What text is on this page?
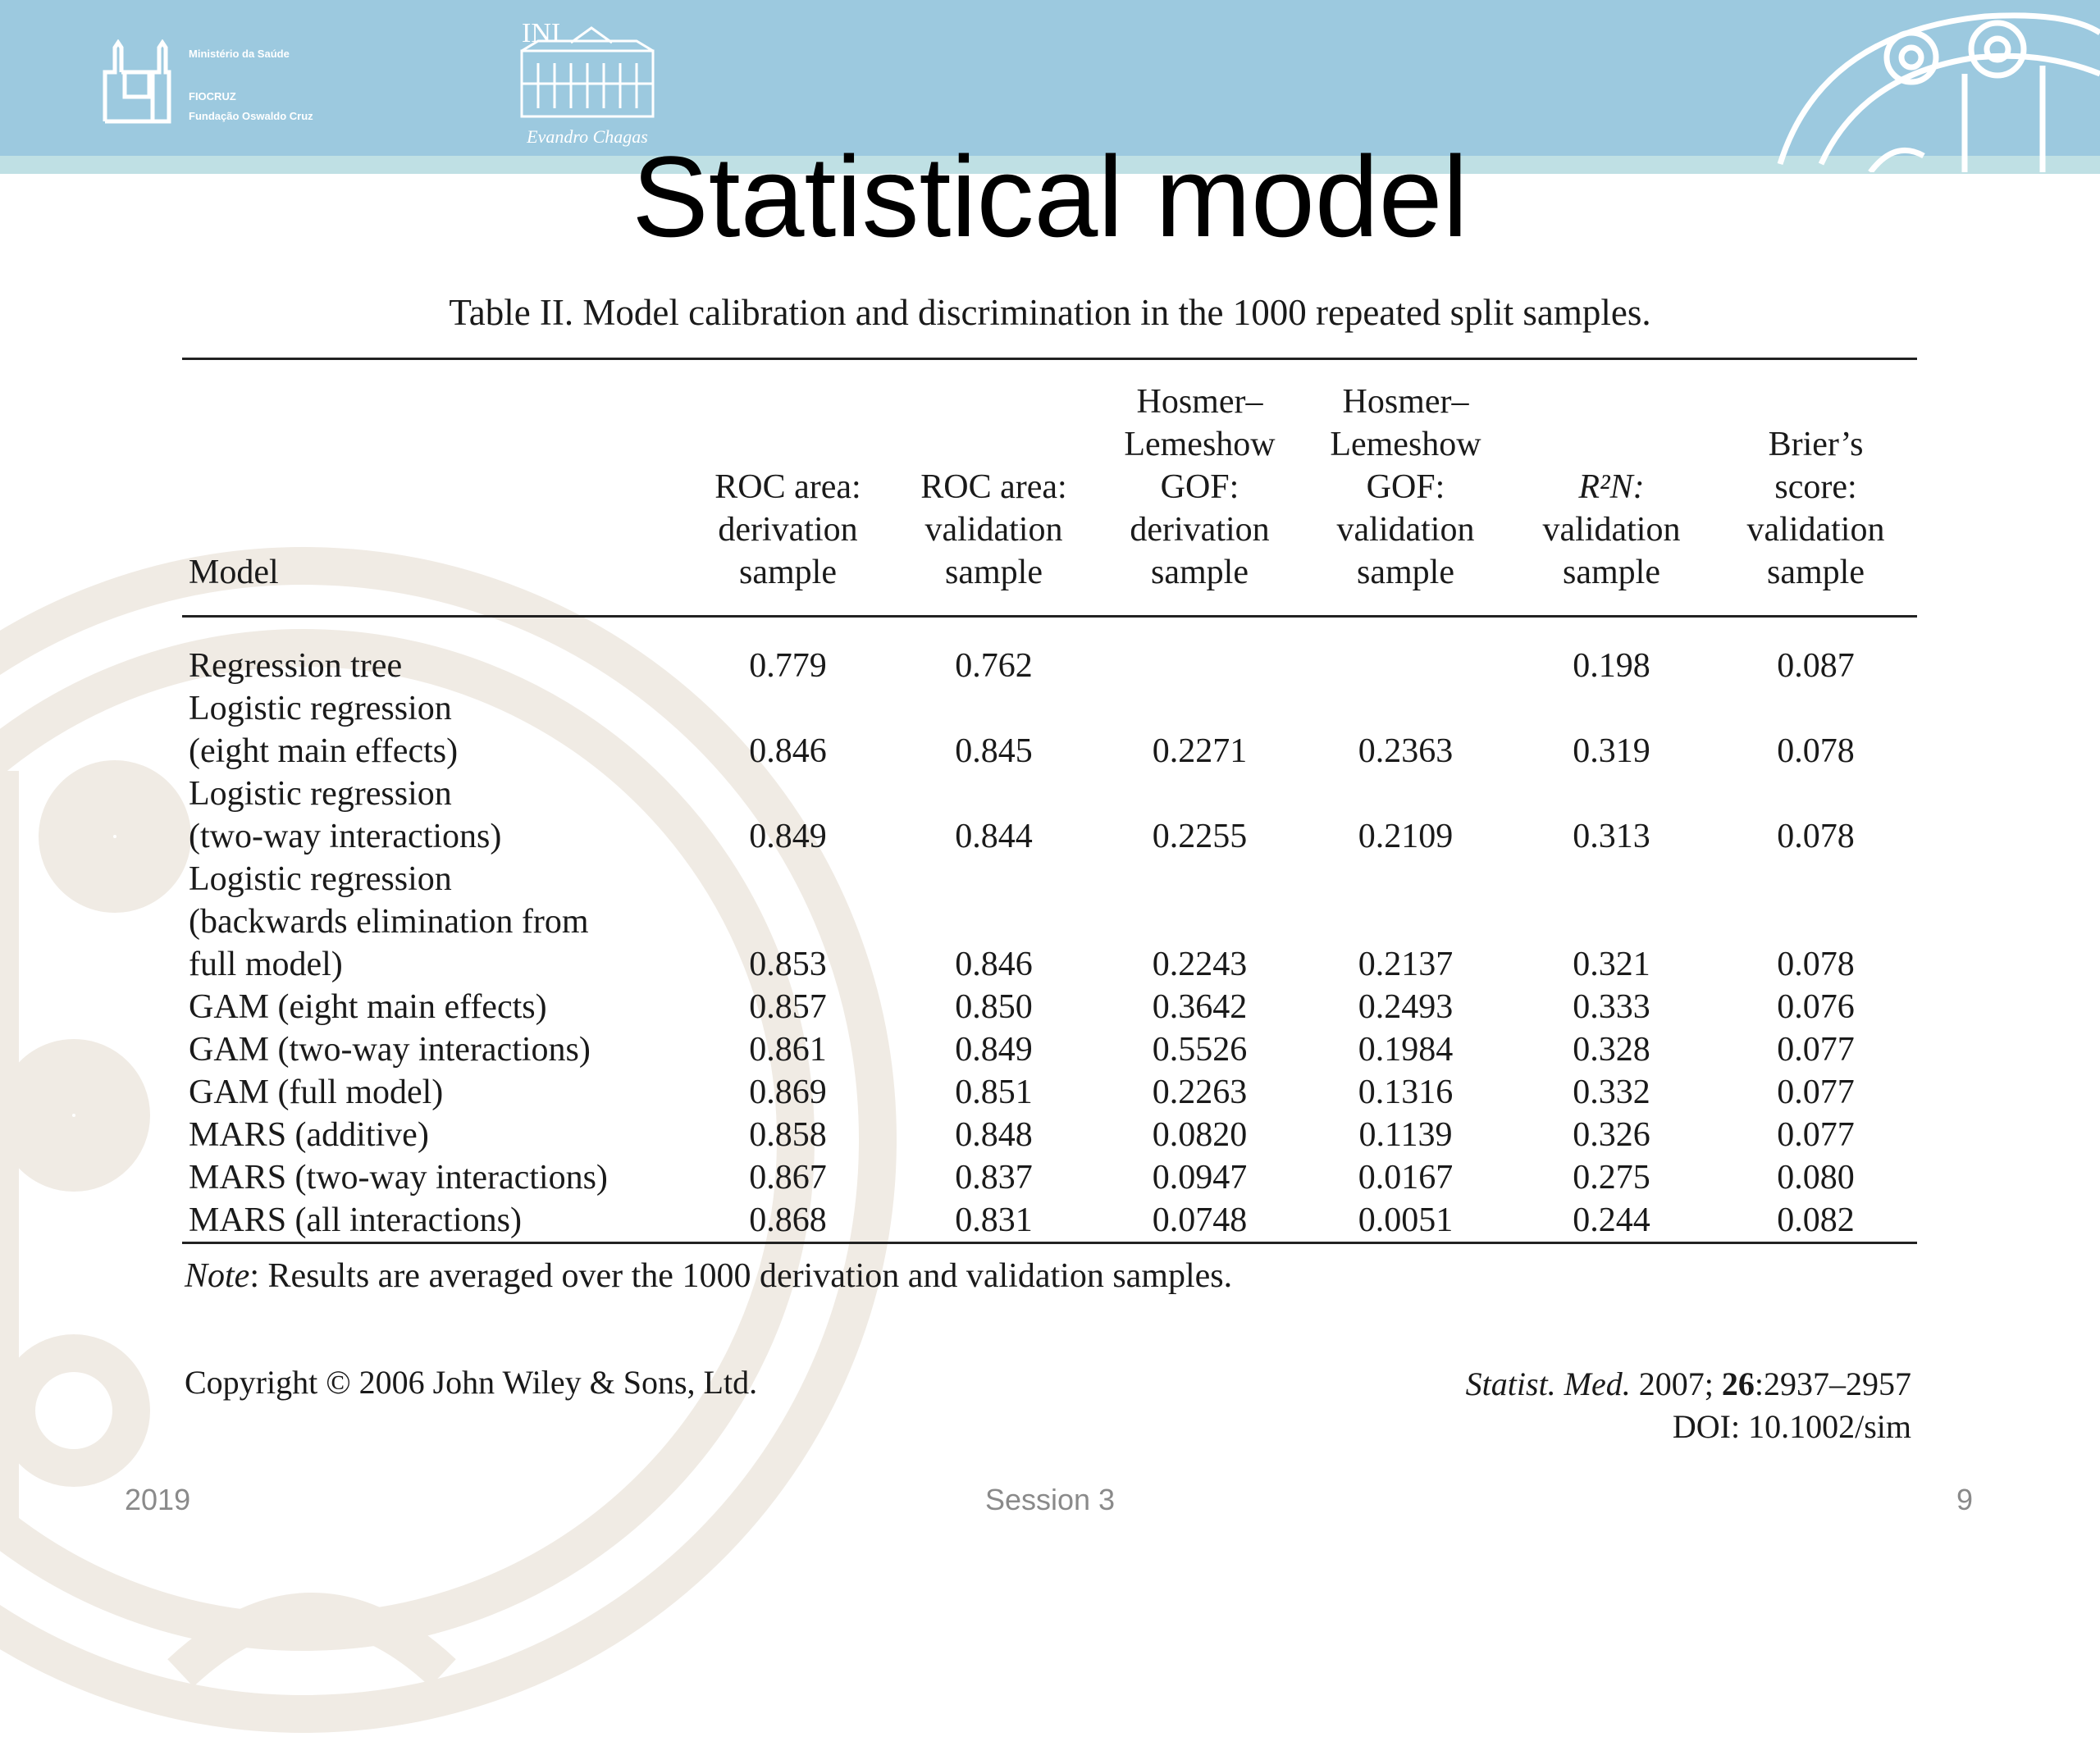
Ministério da Saúde
FIOCRUZ
Fundação Oswaldo Cruz
INI
Evandro Chagas
Statistical model
Table II. Model calibration and discrimination in the 1000 repeated split samples.
Model	ROC area:
derivation
sample	ROC area:
validation
sample	Hosmer–
Lemeshow
GOF:
derivation
sample	Hosmer–
Lemeshow
GOF:
validation
sample	R²N:
validation
sample	Brier’s
score:
validation
sample

Regression tree	0.779	0.762			0.198	0.087

Logistic regression
(eight main effects)	0.846	0.845	0.2271	0.2363	0.319	0.078

Logistic regression
(two-way interactions)	0.849	0.844	0.2255	0.2109	0.313	0.078

Logistic regression
(backwards elimination from
full model)	0.853	0.846	0.2243	0.2137	0.321	0.078

GAM (eight main effects)	0.857	0.850	0.3642	0.2493	0.333	0.076

GAM (two-way interactions)	0.861	0.849	0.5526	0.1984	0.328	0.077

GAM (full model)	0.869	0.851	0.2263	0.1316	0.332	0.077

MARS (additive)	0.858	0.848	0.0820	0.1139	0.326	0.077

MARS (two-way interactions)	0.867	0.837	0.0947	0.0167	0.275	0.080

MARS (all interactions)	0.868	0.831	0.0748	0.0051	0.244	0.082
Note: Results are averaged over the 1000 derivation and validation samples.
Copyright © 2006 John Wiley & Sons, Ltd.	Statist. Med. 2007; 26:2937–2957
DOI: 10.1002/sim
2019	Session 3	9
